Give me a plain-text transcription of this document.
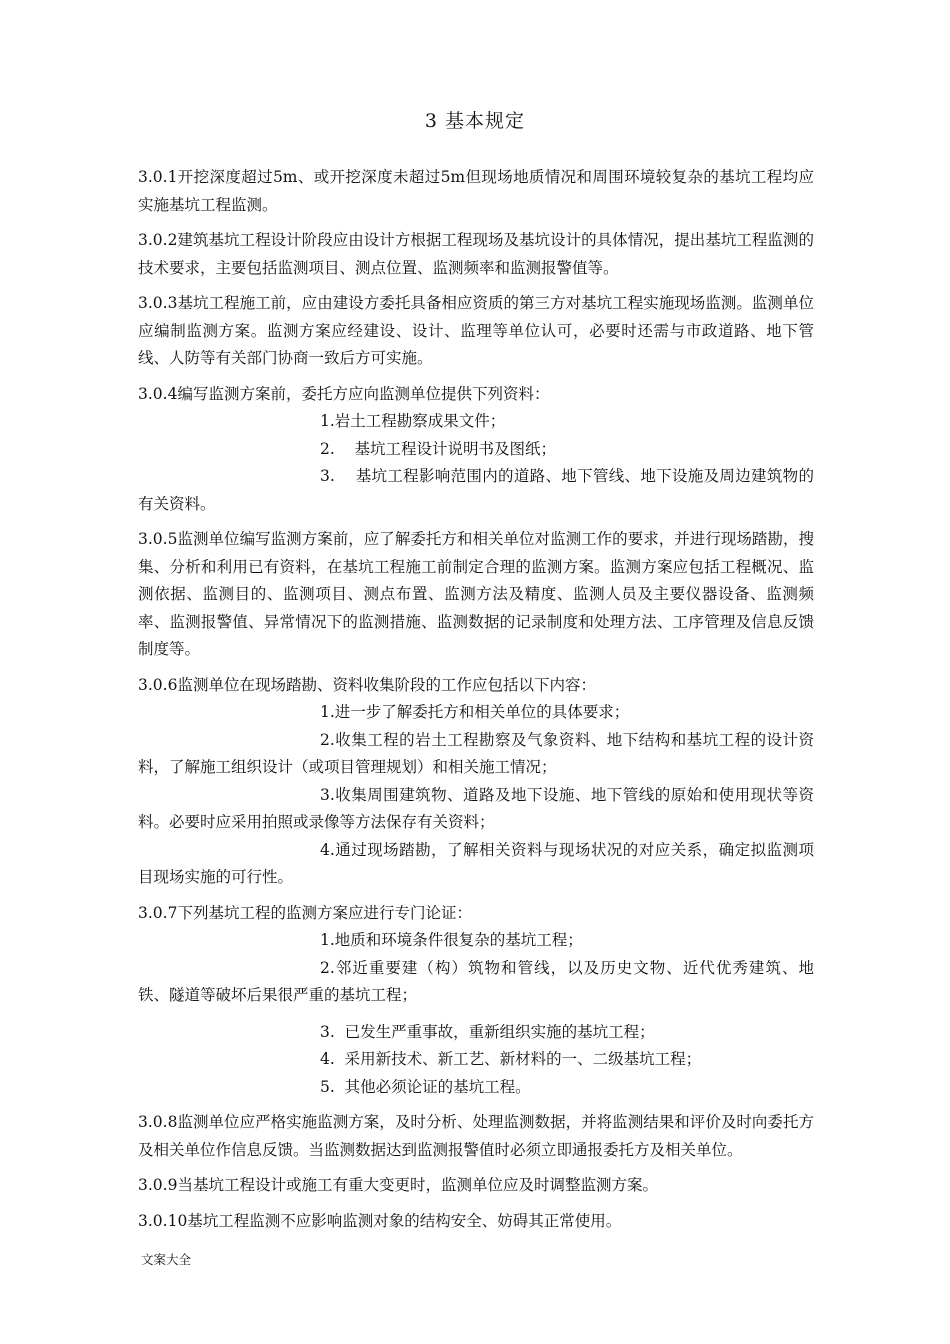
3 基本规定

3.0.1开挖深度超过5m、或开挖深度未超过5m但现场地质情况和周围环境较复杂的基坑工程均应实施基坑工程监测。

3.0.2建筑基坑工程设计阶段应由设计方根据工程现场及基坑设计的具体情况，提出基坑工程监测的技术要求，主要包括监测项目、测点位置、监测频率和监测报警值等。

3.0.3基坑工程施工前，应由建设方委托具备相应资质的第三方对基坑工程实施现场监测。监测单位应编制监测方案。监测方案应经建设、设计、监理等单位认可，必要时还需与市政道路、地下管线、人防等有关部门协商一致后方可实施。

3.0.4编写监测方案前，委托方应向监测单位提供下列资料：

1.岩土工程勘察成果文件；

2.    基坑工程设计说明书及图纸；

3.    基坑工程影响范围内的道路、地下管线、地下设施及周边建筑物的有关资料。

3.0.5监测单位编写监测方案前，应了解委托方和相关单位对监测工作的要求，并进行现场踏勘，搜集、分析和利用已有资料，在基坑工程施工前制定合理的监测方案。监测方案应包括工程概况、监测依据、监测目的、监测项目、测点布置、监测方法及精度、监测人员及主要仪器设备、监测频率、监测报警值、异常情况下的监测措施、监测数据的记录制度和处理方法、工序管理及信息反馈制度等。

3.0.6监测单位在现场踏勘、资料收集阶段的工作应包括以下内容：

1.进一步了解委托方和相关单位的具体要求；

2.收集工程的岩土工程勘察及气象资料、地下结构和基坑工程的设计资料，了解施工组织设计（或项目管理规划）和相关施工情况；

3.收集周围建筑物、道路及地下设施、地下管线的原始和使用现状等资料。必要时应采用拍照或录像等方法保存有关资料；

4.通过现场踏勘，了解相关资料与现场状况的对应关系，确定拟监测项目现场实施的可行性。

3.0.7下列基坑工程的监测方案应进行专门论证：

1.地质和环境条件很复杂的基坑工程；

2.邻近重要建（构）筑物和管线，以及历史文物、近代优秀建筑、地铁、隧道等破坏后果很严重的基坑工程；

3.  已发生严重事故，重新组织实施的基坑工程；

4.  采用新技术、新工艺、新材料的一、二级基坑工程；

5.  其他必须论证的基坑工程。

3.0.8监测单位应严格实施监测方案，及时分析、处理监测数据，并将监测结果和评价及时向委托方及相关单位作信息反馈。当监测数据达到监测报警值时必须立即通报委托方及相关单位。

3.0.9当基坑工程设计或施工有重大变更时，监测单位应及时调整监测方案。

3.0.10基坑工程监测不应影响监测对象的结构安全、妨碍其正常使用。

文案大全
